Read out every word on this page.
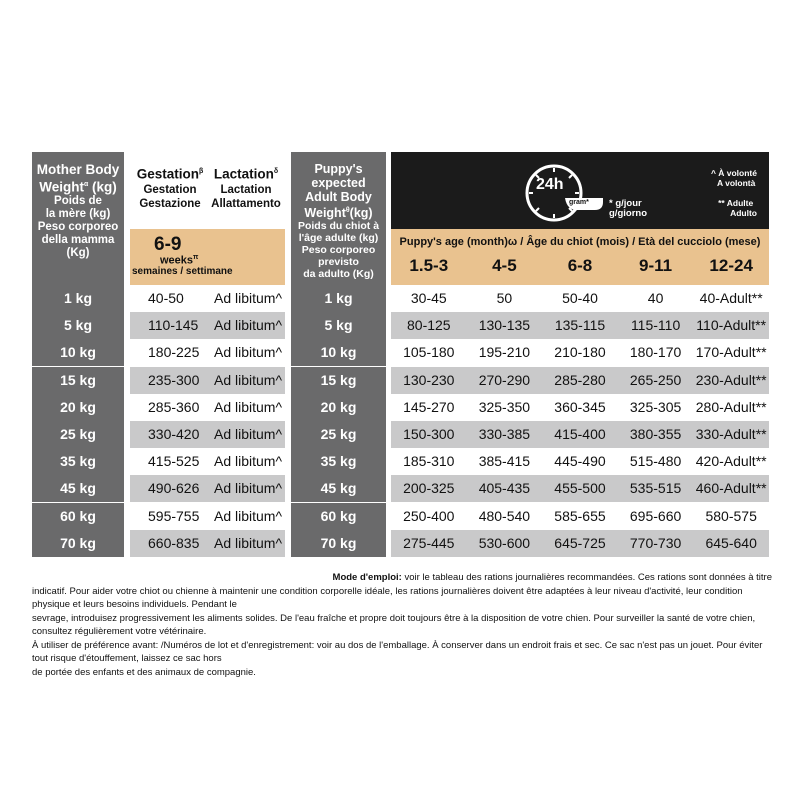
Mother Body
Weight$^\alpha$ (kg)
Poids de
la mère (kg)
Peso corporeo
della mamma (Kg)
Gestation$^\beta$
Gestation
Gestazione
Lactation$^\delta$
Lactation
Allattamento
6-9
weeks$^\pi$
semaines / settimane
Puppy's expected
Adult Body
Weight$^\theta$(kg)
Poids du chiot à
l'âge adulte (kg)
Peso corporeo previsto
da adulto (Kg)
24h
gram* * g/jour
g/giorno
^ À volonté
A volontà
** Adulte
Adulto
Puppy's age (month)ω / Âge du chiot (mois) / Età del cucciolo (mese)
1.5-3	4-5	6-8	9-11	12-24
1 kg	40-50	Ad libitum^	1 kg	30-45	50	50-40	40	40-Adult**
5 kg	110-145	Ad libitum^	5 kg	80-125	130-135	135-115	115-110	110-Adult**
10 kg	180-225	Ad libitum^	10 kg	105-180	195-210	210-180	180-170	170-Adult**
15 kg	235-300	Ad libitum^	15 kg	130-230	270-290	285-280	265-250	230-Adult**
20 kg	285-360	Ad libitum^	20 kg	145-270	325-350	360-345	325-305	280-Adult**
25 kg	330-420	Ad libitum^	25 kg	150-300	330-385	415-400	380-355	330-Adult**
35 kg	415-525	Ad libitum^	35 kg	185-310	385-415	445-490	515-480	420-Adult**
45 kg	490-626	Ad libitum^	45 kg	200-325	405-435	455-500	535-515	460-Adult**
60 kg	595-755	Ad libitum^	60 kg	250-400	480-540	585-655	695-660	580-575
70 kg	660-835	Ad libitum^	70 kg	275-445	530-600	645-725	770-730	645-640
Mode d'emploi: voir le tableau des rations journalières recommandées. Ces rations sont données à titre
indicatif. Pour aider votre chiot ou chienne à maintenir une condition corporelle idéale, les rations journalières doivent être adaptées à leur niveau d'activité, leur condition physique et leurs besoins individuels. Pendant le
sevrage, introduisez progressivement les aliments solides. De l'eau fraîche et propre doit toujours être à la disposition de votre chien. Pour surveiller la santé de votre chien, consultez régulièrement votre vétérinaire.
À utiliser de préférence avant: /Numéros de lot et d'enregistrement: voir au dos de l'emballage. À conserver dans un endroit frais et sec. Ce sac n'est pas un jouet. Pour éviter tout risque d'étouffement, laissez ce sac hors
de portée des enfants et des animaux de compagnie.
